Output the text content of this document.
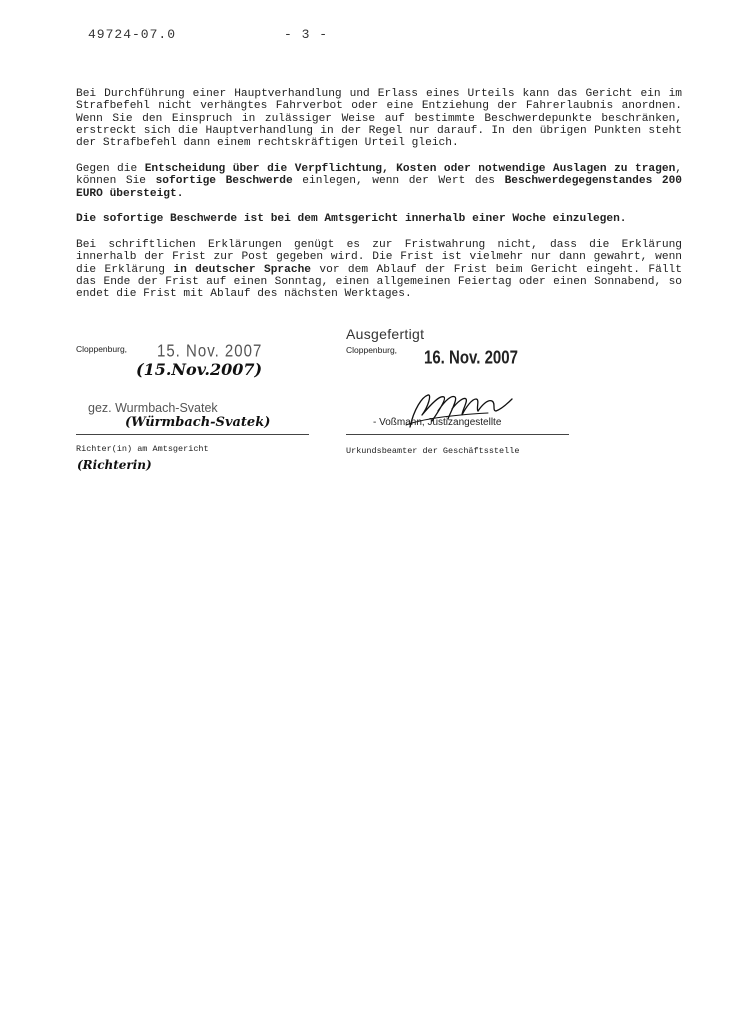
49724-07.0	- 3 -

Bei Durchführung einer Hauptverhandlung und Erlass eines Urteils kann das Gericht ein im Strafbefehl nicht verhängtes Fahrverbot oder eine Entziehung der Fahrerlaubnis anordnen. Wenn Sie den Einspruch in zulässiger Weise auf bestimmte Beschwerdepunkte beschränken, erstreckt sich die Hauptverhandlung in der Regel nur darauf. In den übrigen Punkten steht der Strafbefehl dann einem rechtskräftigen Urteil gleich.

Gegen die Entscheidung über die Verpflichtung, Kosten oder notwendige Auslagen zu tragen, können Sie sofortige Beschwerde einlegen, wenn der Wert des Beschwerdegegenstandes 200 EURO übersteigt.

Die sofortige Beschwerde ist bei dem Amtsgericht innerhalb einer Woche einzulegen.

Bei schriftlichen Erklärungen genügt es zur Fristwahrung nicht, dass die Erklärung innerhalb der Frist zur Post gegeben wird. Die Frist ist vielmehr nur dann gewahrt, wenn die Erklärung in deutscher Sprache vor dem Ablauf der Frist beim Gericht eingeht. Fällt das Ende der Frist auf einen Sonntag, einen allgemeinen Feiertag oder einen Sonnabend, so endet die Frist mit Ablauf des nächsten Werktages.

Ausgefertigt
Cloppenburg, 15. Nov. 2007
(15.Nov.2007)
gez. Wurmbach-Svatek
(Würmbach-Svatek)
Richter(in) am Amtsgericht
(Richterin)
Cloppenburg, 16. Nov. 2007
- Voßmann, Justizangestellte
Urkundsbeamter der Geschäftsstelle
